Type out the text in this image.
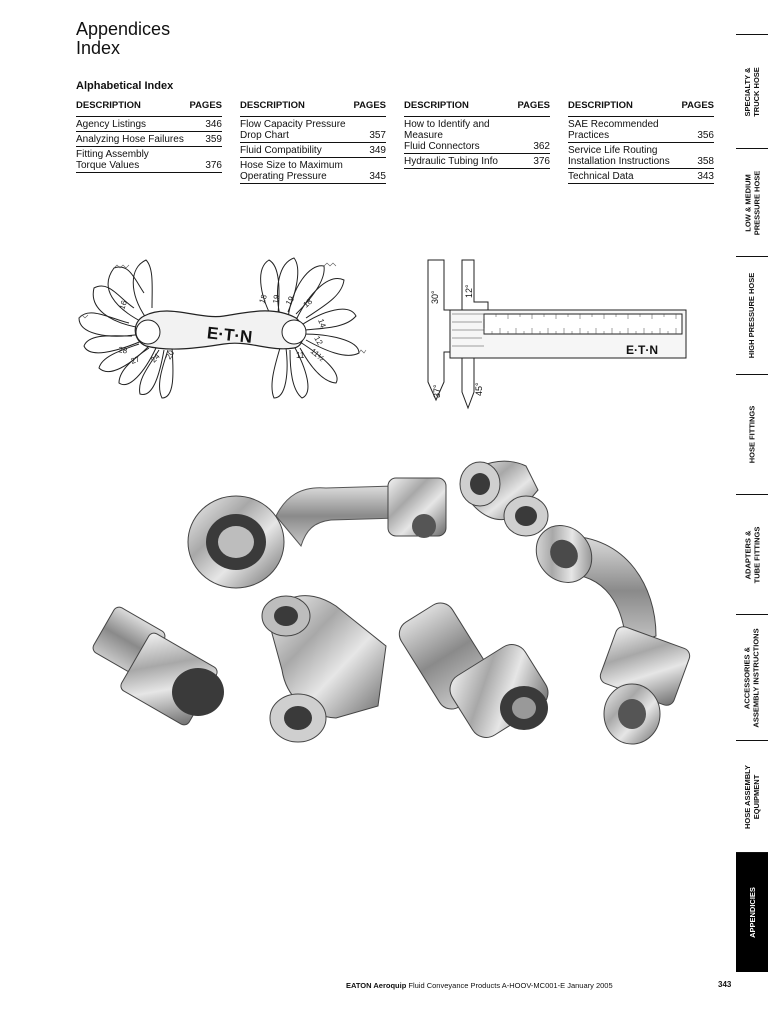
Appendices
Index
Alphabetical Index
DESCRIPTION	PAGES
Agency Listings	346
Analyzing Hose Failures	359
Fitting Assembly
Torque Values	376
DESCRIPTION	PAGES
Flow Capacity Pressure
Drop Chart	357
Fluid Compatibility	349
Hose Size to Maximum
Operating Pressure	345
DESCRIPTION	PAGES
How to Identify and Measure
Fluid Connectors	362
Hydraulic Tubing Info	376
DESCRIPTION	PAGES
SAE Recommended
Practices	356
Service Life Routing
Installation Instructions	358
Technical Data	343
E·T·N
20
24
27
28
18
14
12
11 11½
19 19 18
16
30°	12°
37°	45°
E·T·N
SPECIALTY &
TRUCK HOSE
LOW & MEDIUM
PRESSURE HOSE
HIGH PRESSURE HOSE
HOSE FITTINGS
ADAPTERS &
TUBE FITTINGS
ACCESSORIES &
ASSEMBLY INSTRUCTIONS
HOSE ASSEMBLY
EQUIPMENT
APPENDICIES
EATON Aeroquip Fluid Conveyance Products A-HOOV-MC001-E January 2005	343
